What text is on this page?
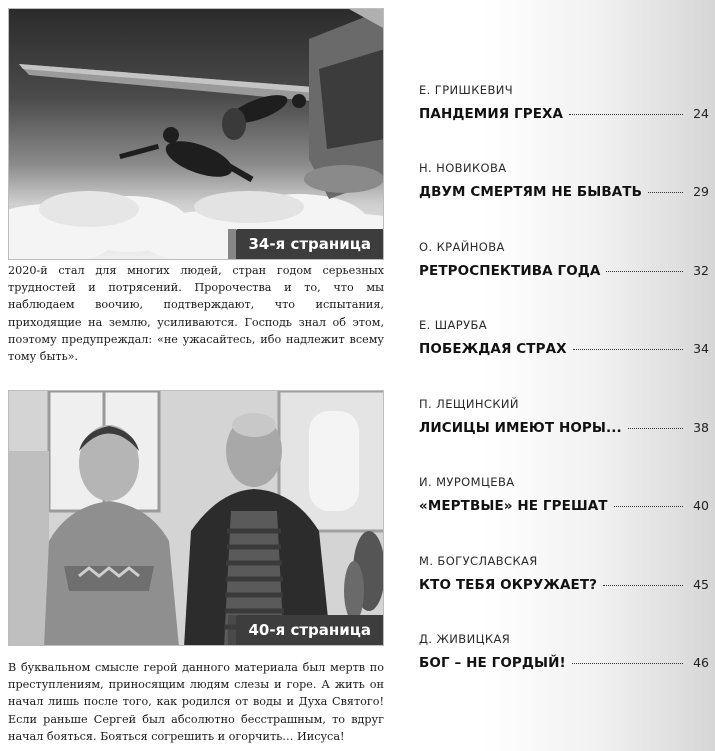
34-я страница

2020-й стал для многих людей, стран годом серьезных трудностей и потрясений. Пророчества и то, что мы наблюдаем воочию, подтверждают, что испытания, приходящие на землю, усиливаются. Господь знал об этом, поэтому предупреждал: «не ужасайтесь, ибо надлежит всему тому быть».

40-я страница

В буквальном смысле герой данного материала был мертв по преступлениям, приносящим людям слезы и горе. А жить он начал лишь после того, как родился от воды и Духа Святого! Если раньше Сергей был абсолютно бесстрашным, то вдруг начал бояться. Бояться согрешить и огорчить… Иисуса!

Е. ГРИШКЕВИЧ
ПАНДЕМИЯ ГРЕХА	24
Н. НОВИКОВА
ДВУМ СМЕРТЯМ НЕ БЫВАТЬ	29
О. КРАЙНОВА
РЕТРОСПЕКТИВА ГОДА	32
Е. ШАРУБА
ПОБЕЖДАЯ СТРАХ	34
П. ЛЕЩИНСКИЙ
ЛИСИЦЫ ИМЕЮТ НОРЫ...	38
И. МУРОМЦЕВА
«МЕРТВЫЕ» НЕ ГРЕШАТ	40
М. БОГУСЛАВСКАЯ
КТО ТЕБЯ ОКРУЖАЕТ?	45
Д. ЖИВИЦКАЯ
БОГ – НЕ ГОРДЫЙ!	46
